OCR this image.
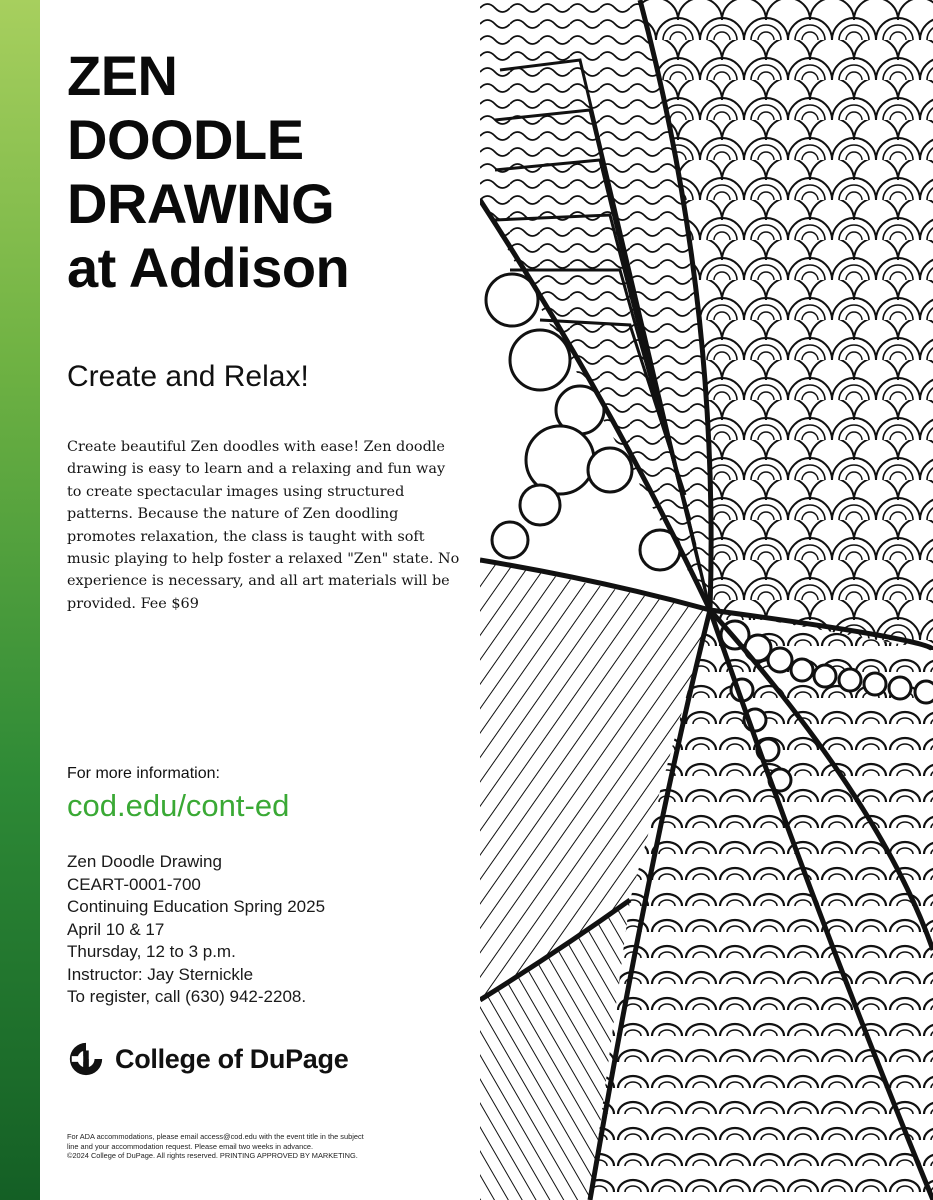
ZEN
DOODLE
DRAWING
at Addison
Create and Relax!

Create beautiful Zen doodles with ease! Zen doodle drawing is easy to learn and a relaxing and fun way to create spectacular images using structured patterns. Because the nature of Zen doodling promotes relaxation, the class is taught with soft music playing to help foster a relaxed "Zen" state. No experience is necessary, and all art materials will be provided. Fee $69

For more information:
cod.edu/cont-ed
Zen Doodle Drawing
CEART-0001-700
Continuing Education Spring 2025
April 10 & 17
Thursday, 12 to 3 p.m.
Instructor: Jay Sternickle
To register, call (630) 942-2208.
College of DuPage
For ADA accommodations, please email access@cod.edu with the event title in the subject
line and your accommodation request. Please email two weeks in advance.
©2024 College of DuPage. All rights reserved. PRINTING APPROVED BY MARKETING.
